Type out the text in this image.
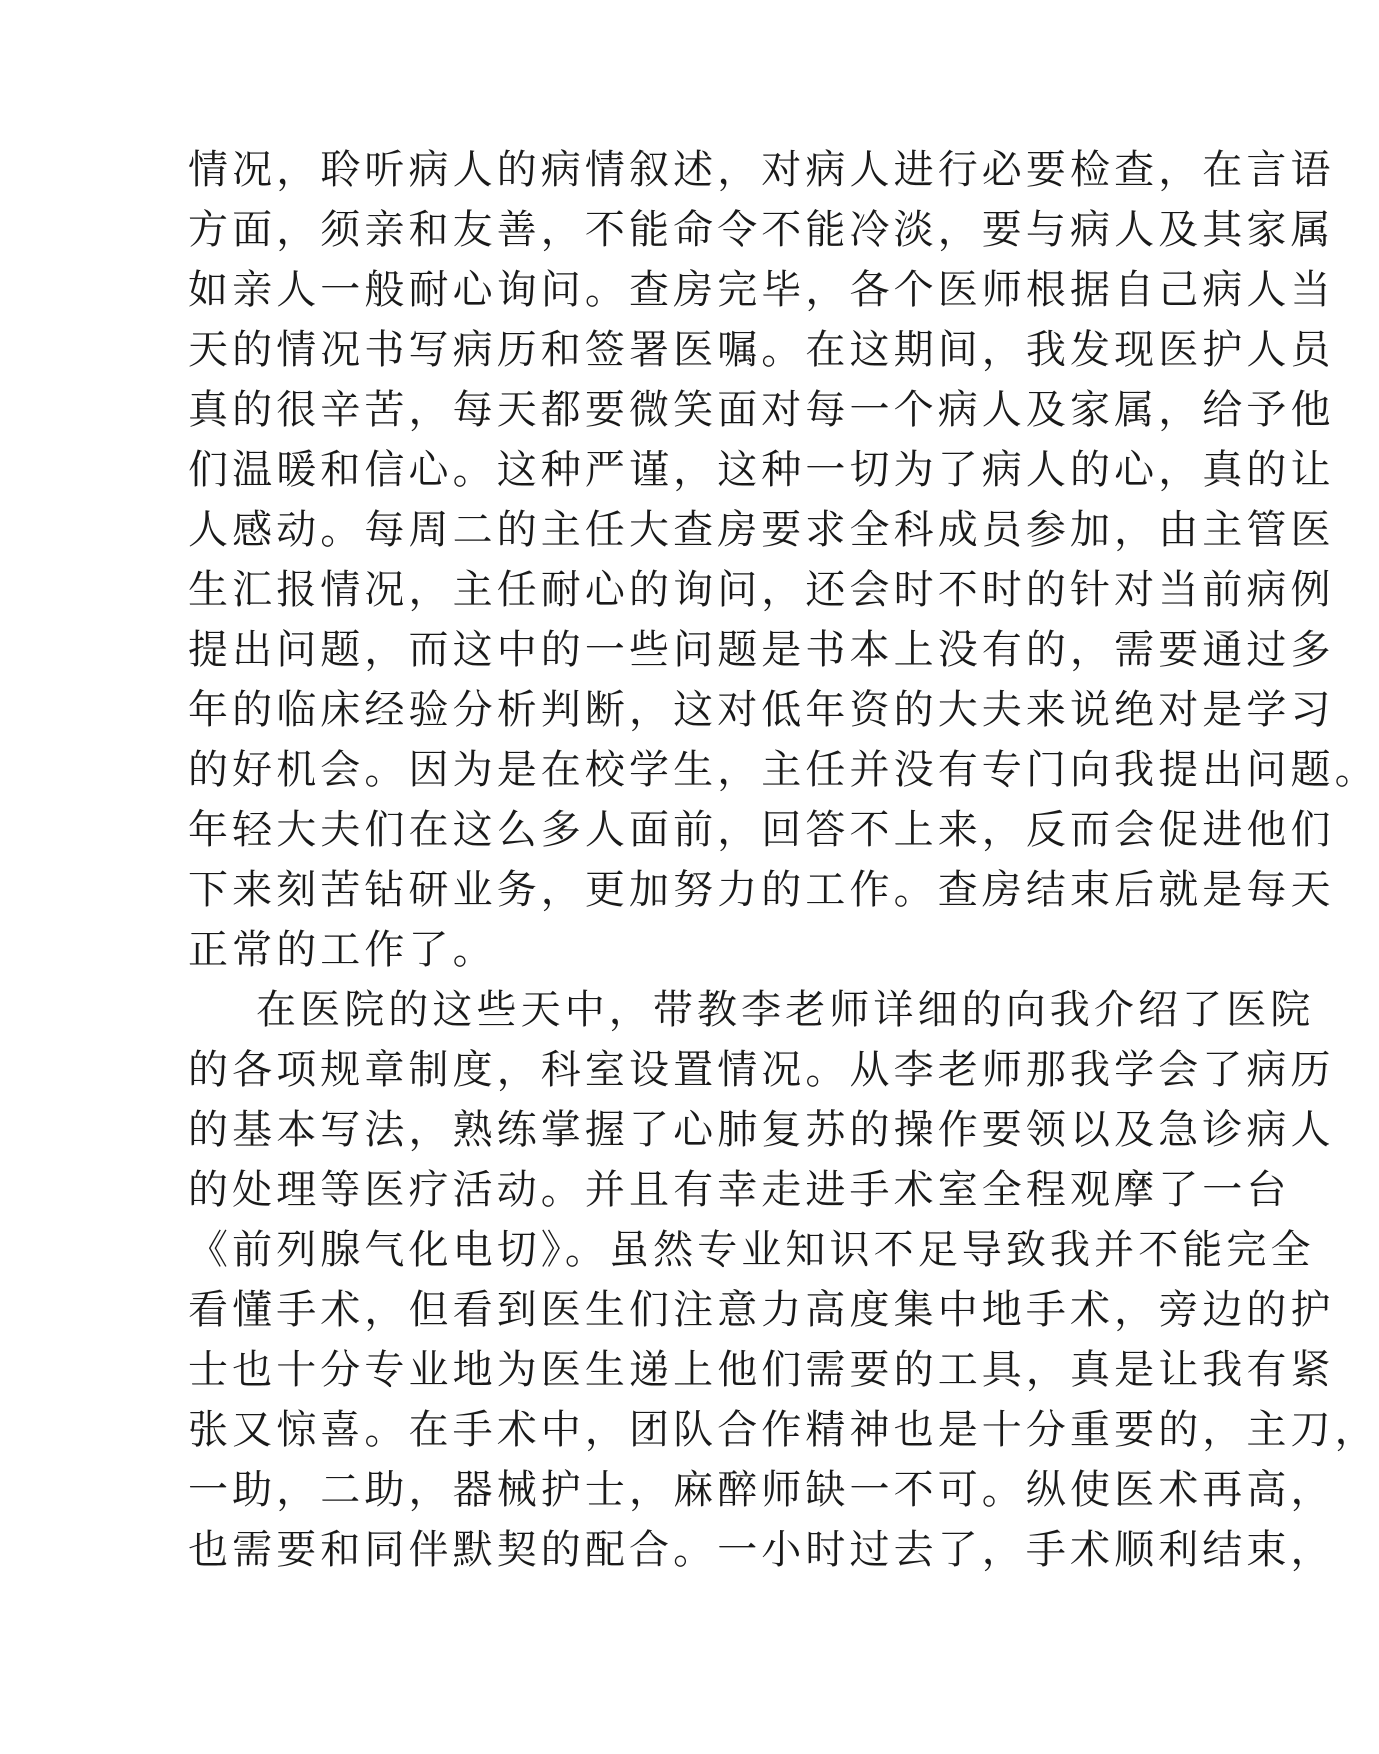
情况，聆听病人的病情叙述，对病人进行必要检查，在言语
方面，须亲和友善，不能命令不能冷淡，要与病人及其家属
如亲人一般耐心询问。查房完毕，各个医师根据自己病人当
天的情况书写病历和签署医嘱。在这期间，我发现医护人员
真的很辛苦，每天都要微笑面对每一个病人及家属，给予他
们温暖和信心。这种严谨，这种一切为了病人的心，真的让
人感动。每周二的主任大查房要求全科成员参加，由主管医
生汇报情况，主任耐心的询问，还会时不时的针对当前病例
提出问题，而这中的一些问题是书本上没有的，需要通过多
年的临床经验分析判断，这对低年资的大夫来说绝对是学习
的好机会。因为是在校学生，主任并没有专门向我提出问题。
年轻大夫们在这么多人面前，回答不上来，反而会促进他们
下来刻苦钻研业务，更加努力的工作。查房结束后就是每天
正常的工作了。
在医院的这些天中，带教李老师详细的向我介绍了医院
的各项规章制度，科室设置情况。从李老师那我学会了病历
的基本写法，熟练掌握了心肺复苏的操作要领以及急诊病人
的处理等医疗活动。并且有幸走进手术室全程观摩了一台
《前列腺气化电切》。虽然专业知识不足导致我并不能完全
看懂手术，但看到医生们注意力高度集中地手术，旁边的护
士也十分专业地为医生递上他们需要的工具，真是让我有紧
张又惊喜。在手术中，团队合作精神也是十分重要的，主刀，
一助，二助，器械护士，麻醉师缺一不可。纵使医术再高，
也需要和同伴默契的配合。一小时过去了，手术顺利结束，
